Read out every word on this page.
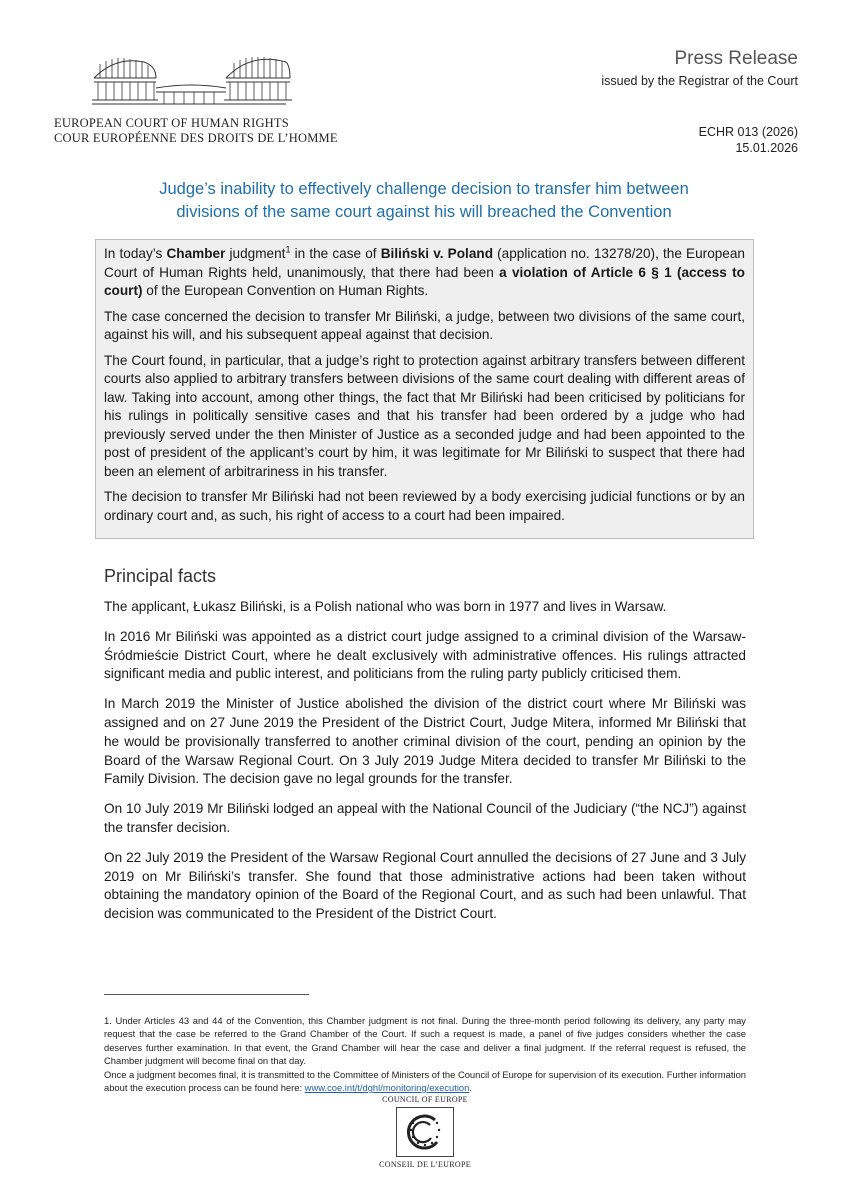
EUROPEAN COURT OF HUMAN RIGHTS
COUR EUROPÉENNE DES DROITS DE L’HOMME
Press Release
issued by the Registrar of the Court
ECHR 013 (2026)
15.01.2026
Judge’s inability to effectively challenge decision to transfer him between
divisions of the same court against his will breached the Convention

In today’s Chamber judgment$^1$ in the case of Biliński v. Poland (application no. 13278/20), the European Court of Human Rights held, unanimously, that there had been a violation of Article 6 § 1 (access to court) of the European Convention on Human Rights.

The case concerned the decision to transfer Mr Biliński, a judge, between two divisions of the same court, against his will, and his subsequent appeal against that decision.

The Court found, in particular, that a judge’s right to protection against arbitrary transfers between different courts also applied to arbitrary transfers between divisions of the same court dealing with different areas of law. Taking into account, among other things, the fact that Mr Biliński had been criticised by politicians for his rulings in politically sensitive cases and that his transfer had been ordered by a judge who had previously served under the then Minister of Justice as a seconded judge and had been appointed to the post of president of the applicant’s court by him, it was legitimate for Mr Biliński to suspect that there had been an element of arbitrariness in his transfer.

The decision to transfer Mr Biliński had not been reviewed by a body exercising judicial functions or by an ordinary court and, as such, his right of access to a court had been impaired.

Principal facts

The applicant, Łukasz Biliński, is a Polish national who was born in 1977 and lives in Warsaw.

In 2016 Mr Biliński was appointed as a district court judge assigned to a criminal division of the Warsaw-Śródmieście District Court, where he dealt exclusively with administrative offences. His rulings attracted significant media and public interest, and politicians from the ruling party publicly criticised them.

In March 2019 the Minister of Justice abolished the division of the district court where Mr Biliński was assigned and on 27 June 2019 the President of the District Court, Judge Mitera, informed Mr Biliński that he would be provisionally transferred to another criminal division of the court, pending an opinion by the Board of the Warsaw Regional Court. On 3 July 2019 Judge Mitera decided to transfer Mr Biliński to the Family Division. The decision gave no legal grounds for the transfer.

On 10 July 2019 Mr Biliński lodged an appeal with the National Council of the Judiciary (“the NCJ”) against the transfer decision.

On 22 July 2019 the President of the Warsaw Regional Court annulled the decisions of 27 June and 3 July 2019 on Mr Biliński’s transfer. She found that those administrative actions had been taken without obtaining the mandatory opinion of the Board of the Regional Court, and as such had been unlawful. That decision was communicated to the President of the District Court.

1. Under Articles 43 and 44 of the Convention, this Chamber judgment is not final. During the three-month period following its delivery, any party may request that the case be referred to the Grand Chamber of the Court. If such a request is made, a panel of five judges considers whether the case deserves further examination. In that event, the Grand Chamber will hear the case and deliver a final judgment. If the referral request is refused, the Chamber judgment will become final on that day.

Once a judgment becomes final, it is transmitted to the Committee of Ministers of the Council of Europe for supervision of its execution. Further information about the execution process can be found here: www.coe.int/t/dghl/monitoring/execution.

COUNCIL OF EUROPE
CONSEIL DE L’EUROPE
